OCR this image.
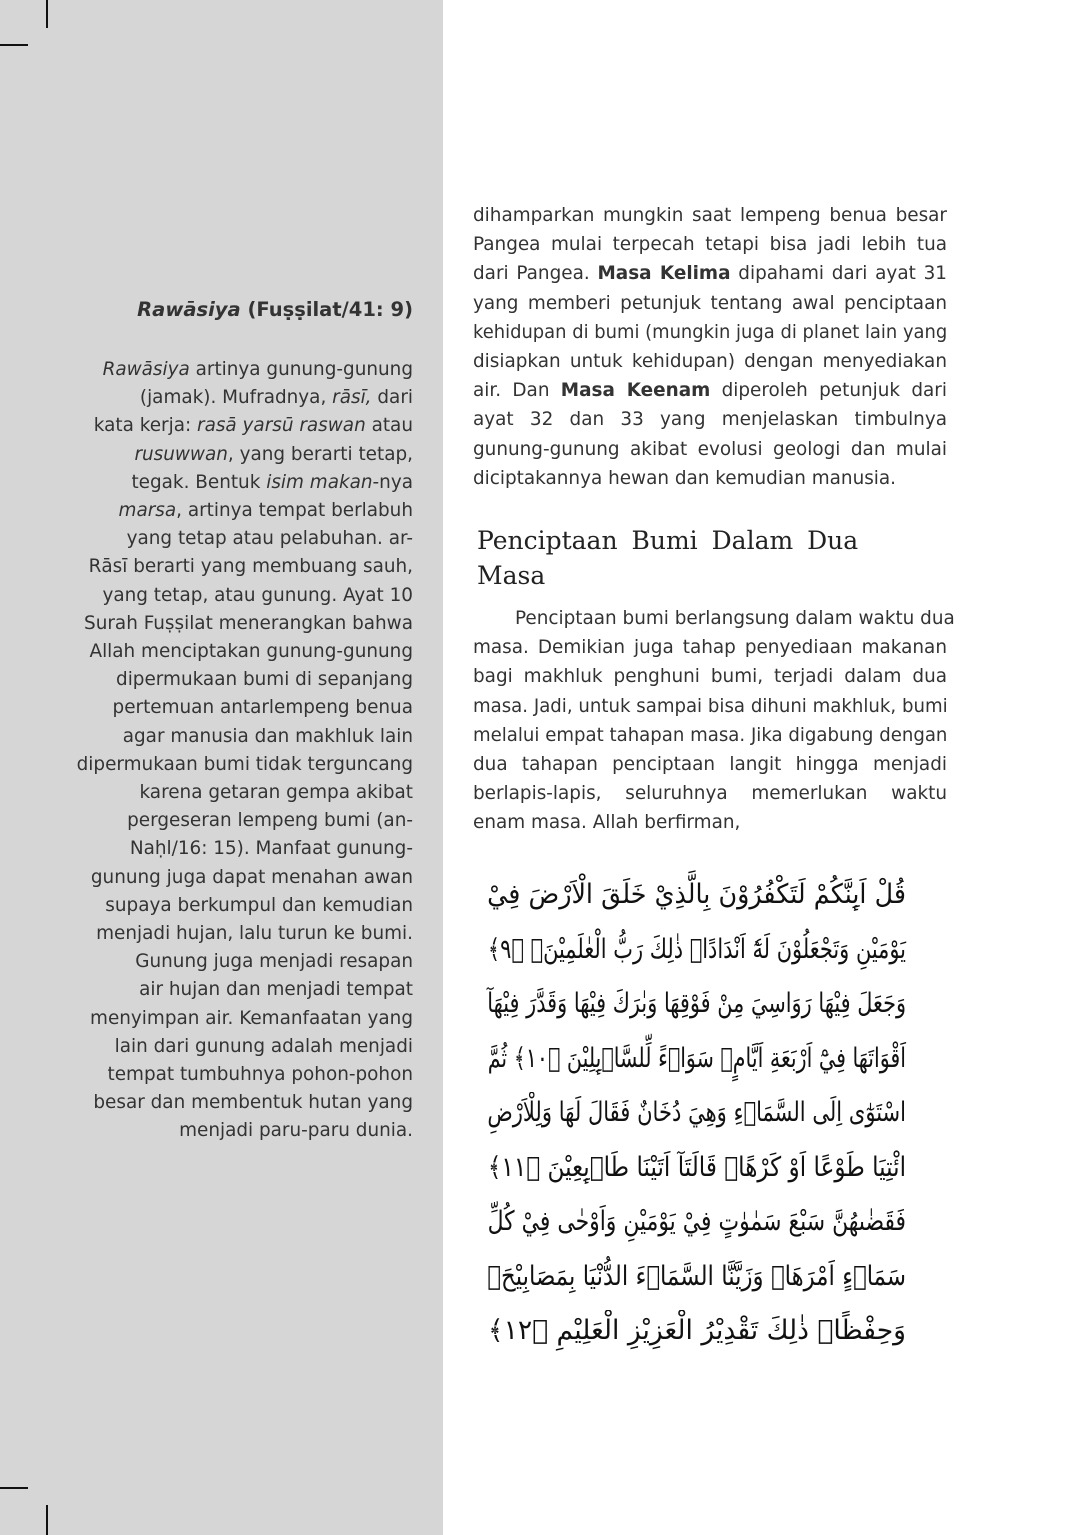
Rawāsiya (Fuṣṣilat/41: 9)
Rawāsiya artinya gunung-gunung
(jamak). Mufradnya, rāsī, dari
kata kerja: rasā yarsū raswan atau
rusuwwan, yang berarti tetap,
tegak. Bentuk isim makan-nya
marsa, artinya tempat berlabuh
yang tetap atau pelabuhan. ar-
Rāsī berarti yang membuang sauh,
yang tetap, atau gunung. Ayat 10
Surah Fuṣṣilat menerangkan bahwa
Allah menciptakan gunung-gunung
dipermukaan bumi di sepanjang
pertemuan antarlempeng benua
agar manusia dan makhluk lain
dipermukaan bumi tidak terguncang
karena getaran gempa akibat
pergeseran lempeng bumi (an-
Naḥl/16: 15). Manfaat gunung-
gunung juga dapat menahan awan
supaya berkumpul dan kemudian
menjadi hujan, lalu turun ke bumi.
Gunung juga menjadi resapan
air hujan dan menjadi tempat
menyimpan air. Kemanfaatan yang
lain dari gunung adalah menjadi
tempat tumbuhnya pohon-pohon
besar dan membentuk hutan yang
menjadi paru-paru dunia.
dihamparkan mungkin saat lempeng benua besar
Pangea mulai terpecah tetapi bisa jadi lebih tua
dari Pangea. Masa Kelima dipahami dari ayat 31
yang memberi petunjuk tentang awal penciptaan
kehidupan di bumi (mungkin juga di planet lain yang
disiapkan untuk kehidupan) dengan menyediakan
air. Dan Masa Keenam diperoleh petunjuk dari
ayat 32 dan 33 yang menjelaskan timbulnya
gunung-gunung akibat evolusi geologi dan mulai
diciptakannya hewan dan kemudian manusia.
Penciptaan Bumi Dalam Dua
Masa
Penciptaan bumi berlangsung dalam waktu dua
masa. Demikian juga tahap penyediaan makanan
bagi makhluk penghuni bumi, terjadi dalam dua
masa. Jadi, untuk sampai bisa dihuni makhluk, bumi
melalui empat tahapan masa. Jika digabung dengan
dua tahapan penciptaan langit hingga menjadi
berlapis-lapis, seluruhnya memerlukan waktu
enam masa. Allah berfirman,
قُلْ اَىِٕنَّكُمْ لَتَكْفُرُوْنَ بِالَّذِيْ خَلَقَ الْاَرْضَ فِيْ
يَوْمَيْنِ وَتَجْعَلُوْنَ لَهٗٓ اَنْدَادًاۗ ذٰلِكَ رَبُّ الْعٰلَمِيْنَۚ ﴿٩﴾
وَجَعَلَ فِيْهَا رَوَاسِيَ مِنْ فَوْقِهَا وَبٰرَكَ فِيْهَا وَقَدَّرَ فِيْهَآ
اَقْوَاتَهَا فِيْٓ اَرْبَعَةِ اَيَّامٍۗ سَوَاۤءً لِّلسَّاۤىِٕلِيْنَ ﴿١٠﴾ ثُمَّ
اسْتَوٰٓى اِلَى السَّمَاۤءِ وَهِيَ دُخَانٌ فَقَالَ لَهَا وَلِلْاَرْضِ
ائْتِيَا طَوْعًا اَوْ كَرْهًاۗ قَالَتَآ اَتَيْنَا طَاۤىِٕعِيْنَ ﴿١١﴾
فَقَضٰىهُنَّ سَبْعَ سَمٰوٰتٍ فِيْ يَوْمَيْنِ وَاَوْحٰى فِيْ كُلِّ
سَمَاۤءٍ اَمْرَهَاۗ وَزَيَّنَّا السَّمَاۤءَ الدُّنْيَا بِمَصَابِيْحَۖ
وَحِفْظًاۗ ذٰلِكَ تَقْدِيْرُ الْعَزِيْزِ الْعَلِيْمِ ﴿١٢﴾
